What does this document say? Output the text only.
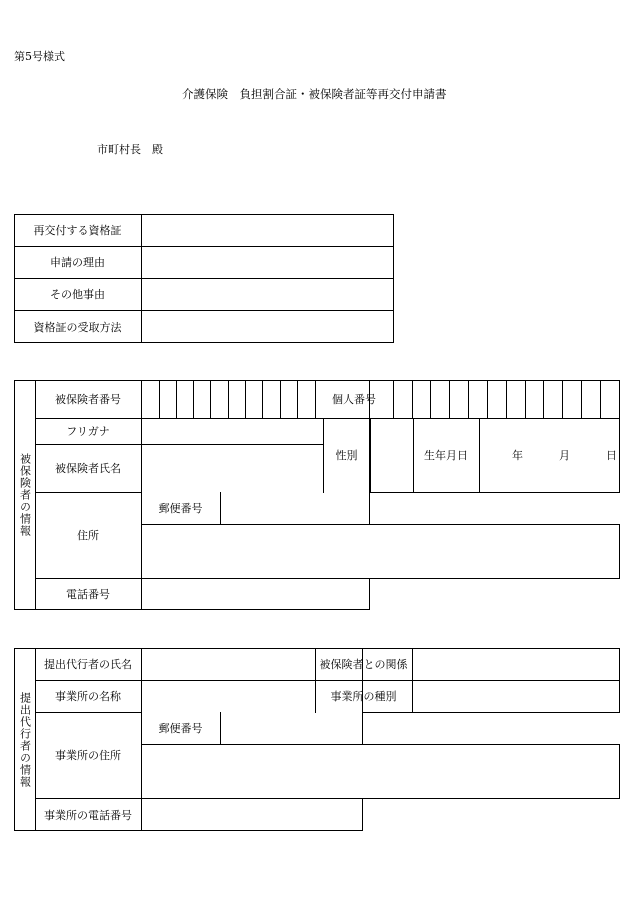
第5号様式
介護保険　負担割合証・被保険者証等再交付申請書
市町村長　殿
再交付する資格証
申請の理由
その他事由
資格証の受取方法
被保険者の情報
被保険者番号	個人番号
フリガナ
被保険者氏名
性別	生年月日	年	月	日
住所
郵便番号
電話番号
提出代行者の情報
提出代行者の氏名	被保険者との関係
事業所の名称	事業所の種別
事業所の住所
郵便番号
事業所の電話番号
